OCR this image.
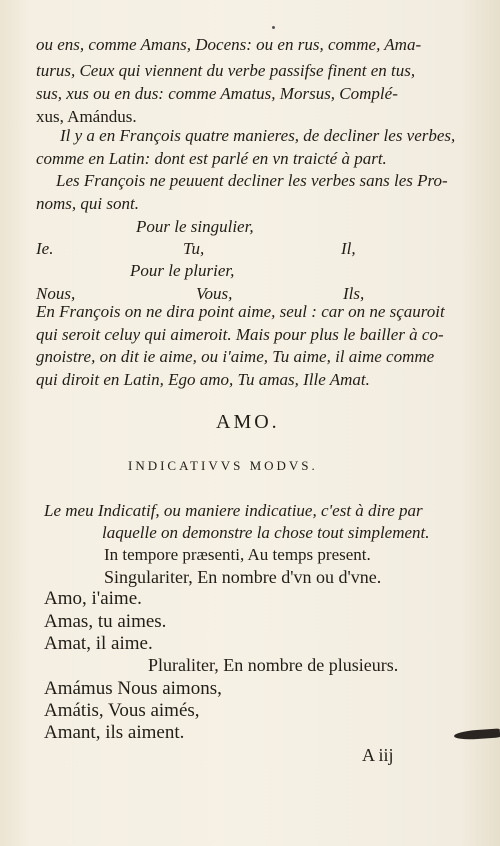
ou ens, comme Amans, Docens: ou en rus, comme, Ama-
turus, Ceux qui viennent du verbe passifse finent en tus,
sus, xus ou en dus: comme Amatus, Morsus, Complé-
xus, Amándus.
Il y a en François quatre manieres, de decliner les verbes,
comme en Latin: dont est parlé en vn traicté à part.
Les François ne peuuent decliner les verbes sans les Pro-
noms, qui sont.
Pour le singulier,
Ie.	Tu,	Il,
Pour le plurier,
Nous,	Vous,	Ils,
En François on ne dira point aime, seul : car on ne sçauroit
qui seroit celuy qui aimeroit. Mais pour plus le bailler à co-
gnoistre, on dit ie aime, ou i'aime, Tu aime, il aime comme
qui diroit en Latin, Ego amo, Tu amas, Ille Amat.
AMO.
INDICATIVVS MODVS.
Le meu Indicatif, ou maniere indicatiue, c'est à dire par
laquelle on demonstre la chose tout simplement.
In tempore præsenti, Au temps present.
Singulariter, En nombre d'vn ou d'vne.
Amo, i'aime.
Amas, tu aimes.
Amat, il aime.
Pluraliter, En nombre de plusieurs.
Amámus Nous aimons,
Amátis, Vous aimés,
Amant, ils aiment.
A iij
